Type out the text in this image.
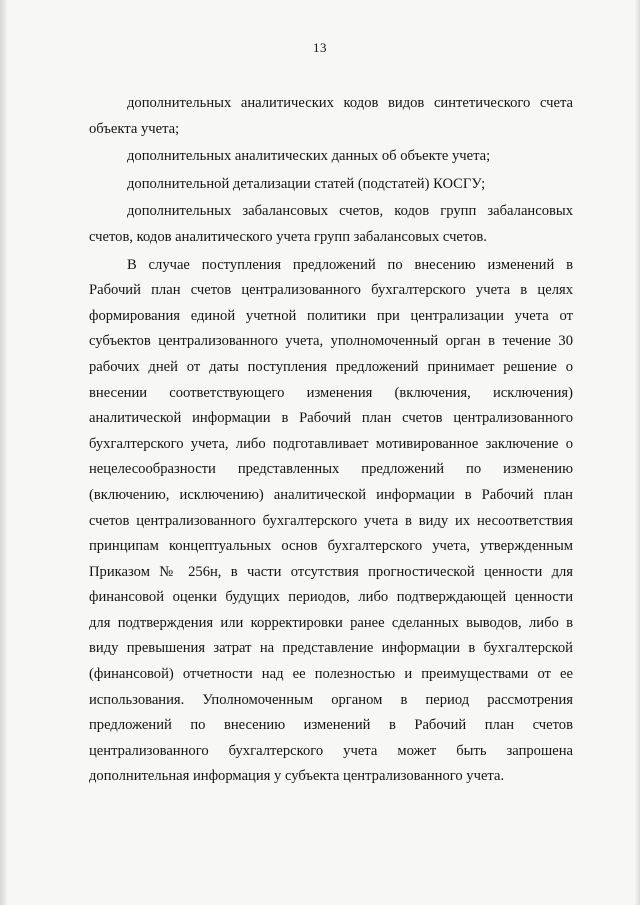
13
дополнительных аналитических кодов видов синтетического счета
объекта учета;
дополнительных аналитических данных об объекте учета;
дополнительной детализации статей (подстатей) КОСГУ;
дополнительных забалансовых счетов, кодов групп забалансовых
счетов, кодов аналитического учета групп забалансовых счетов.
В случае поступления предложений по внесению изменений в
Рабочий план счетов централизованного бухгалтерского учета в целях
формирования единой учетной политики при централизации учета от
субъектов централизованного учета, уполномоченный орган в течение 30
рабочих дней от даты поступления предложений принимает решение о
внесении соответствующего изменения (включения, исключения)
аналитической информации в Рабочий план счетов централизованного
бухгалтерского учета, либо подготавливает мотивированное заключение о
нецелесообразности представленных предложений по изменению
(включению, исключению) аналитической информации в Рабочий план
счетов централизованного бухгалтерского учета в виду их несоответствия
принципам концептуальных основ бухгалтерского учета, утвержденным
Приказом № 256н, в части отсутствия прогностической ценности для
финансовой оценки будущих периодов, либо подтверждающей ценности
для подтверждения или корректировки ранее сделанных выводов, либо в
виду превышения затрат на представление информации в бухгалтерской
(финансовой) отчетности над ее полезностью и преимуществами от ее
использования. Уполномоченным органом в период рассмотрения
предложений по внесению изменений в Рабочий план счетов
централизованного бухгалтерского учета может быть запрошена
дополнительная информация у субъекта централизованного учета.
